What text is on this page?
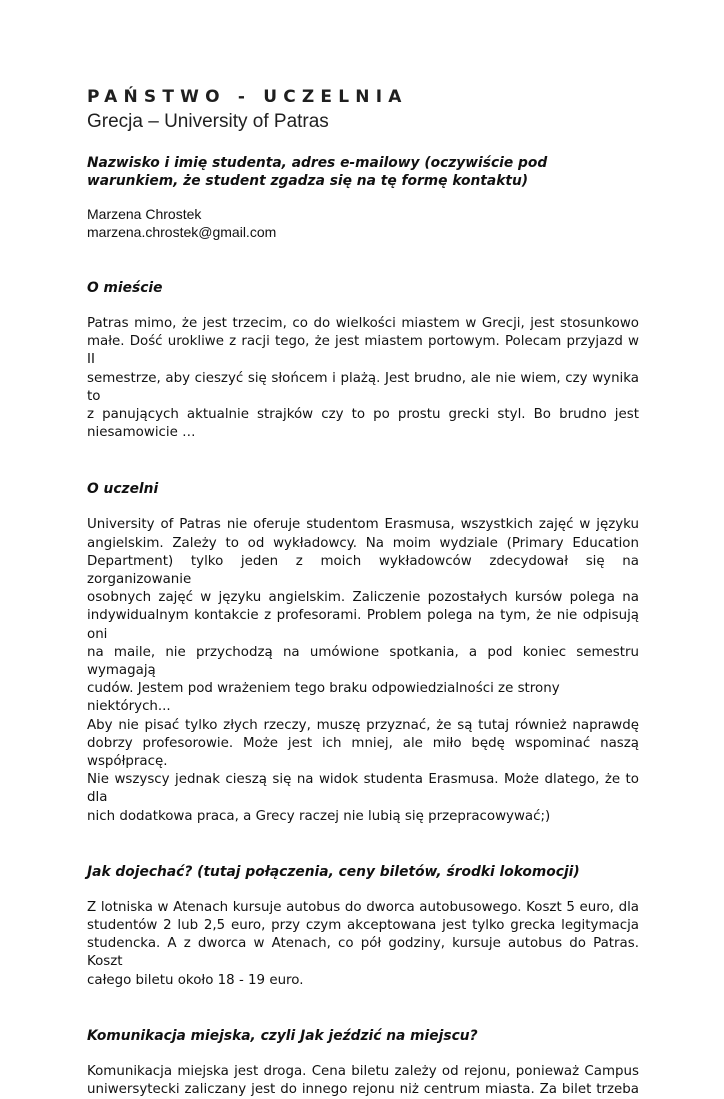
PAŃSTWO - UCZELNIA
Grecja – University of Patras

Nazwisko i imię studenta, adres e-mailowy (oczywiście pod warunkiem, że student zgadza się na tę formę kontaktu)

Marzena Chrostek

marzena.chrostek@gmail.com

O mieście

Patras mimo, że jest trzecim, co do wielkości miastem w Grecji, jest stosunkowo
małe. Dość urokliwe z racji tego, że jest miastem portowym. Polecam przyjazd w II
semestrze, aby cieszyć się słońcem i plażą. Jest brudno, ale nie wiem, czy wynika to
z panujących aktualnie strajków czy to po prostu grecki styl. Bo brudno jest
niesamowicie …

O uczelni

University of Patras nie oferuje studentom Erasmusa, wszystkich zajęć w języku
angielskim. Zależy to od wykładowcy. Na moim wydziale (Primary Education
Department) tylko jeden z moich wykładowców zdecydował się na zorganizowanie
osobnych zajęć w języku angielskim. Zaliczenie pozostałych kursów polega na
indywidualnym kontakcie z profesorami. Problem polega na tym, że nie odpisują oni
na maile, nie przychodzą na umówione spotkania, a pod koniec semestru wymagają
cudów. Jestem pod wrażeniem tego braku odpowiedzialności ze strony niektórych...
Aby nie pisać tylko złych rzeczy, muszę przyznać, że są tutaj również naprawdę
dobrzy profesorowie. Może jest ich mniej, ale miło będę wspominać naszą
współpracę.
Nie wszyscy jednak cieszą się na widok studenta Erasmusa. Może dlatego, że to dla
nich dodatkowa praca, a Grecy raczej nie lubią się przepracowywać;)

Jak dojechać? (tutaj połączenia, ceny biletów, środki lokomocji)

Z lotniska w Atenach kursuje autobus do dworca autobusowego. Koszt 5 euro, dla
studentów 2 lub 2,5 euro, przy czym akceptowana jest tylko grecka legitymacja
studencka. A z dworca w Atenach, co pół godziny, kursuje autobus do Patras. Koszt
całego biletu około 18 - 19 euro.

Komunikacja miejska, czyli Jak jeździć na miejscu?

Komunikacja miejska jest droga. Cena biletu zależy od rejonu, ponieważ Campus
uniwersytecki zaliczany jest do innego rejonu niż centrum miasta. Za bilet trzeba
